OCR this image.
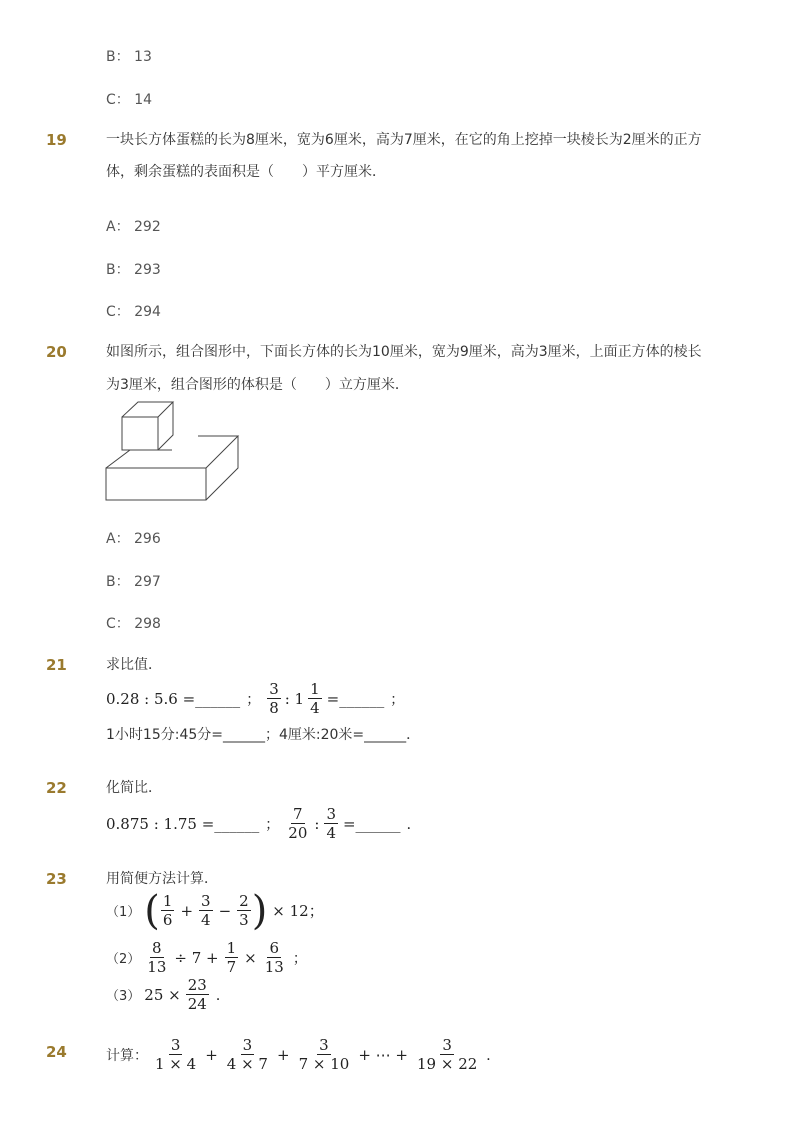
B： 13
C： 14
19	一块长方体蛋糕的长为8厘米，宽为6厘米，高为7厘米，在它的角上挖掉一块棱长为2厘米的正方
体，剩余蛋糕的表面积是（　　）平方厘米．
A： 292
B： 293
C： 294
20	如图所示，组合图形中，下面长方体的长为10厘米，宽为9厘米，高为3厘米，上面正方体的棱长
为3厘米，组合图形的体积是（　　）立方厘米．
A： 296
B： 297
C： 298
21	求比值．
0.28 : 5.6 =______ ； $\frac{3}{8}$ : $1 \frac{1}{4}$ =______ ；
1小时15分:45分=______；4厘米:20米=______．
22	化简比．
0.875 : 1.75 =______ ； $\frac{7}{20}$ : $\frac{3}{4}$ =______ ．
23	用简便方法计算．
（1） ( $\frac{1}{6} + \frac{3}{4} - \frac{2}{3}$ ) × 12；
$(2) \frac{8}{13} \div 7 + \frac{1}{7} \times \frac{6}{13}$ ；
（3） $25 \times \frac{23}{24}$ ．
24	计算： $\frac{3}{1 \times 4} + \frac{3}{4 \times 7} + \frac{3}{7 \times 10}$ + ⋯ + $\frac{3}{19 \times 22}$ ．
